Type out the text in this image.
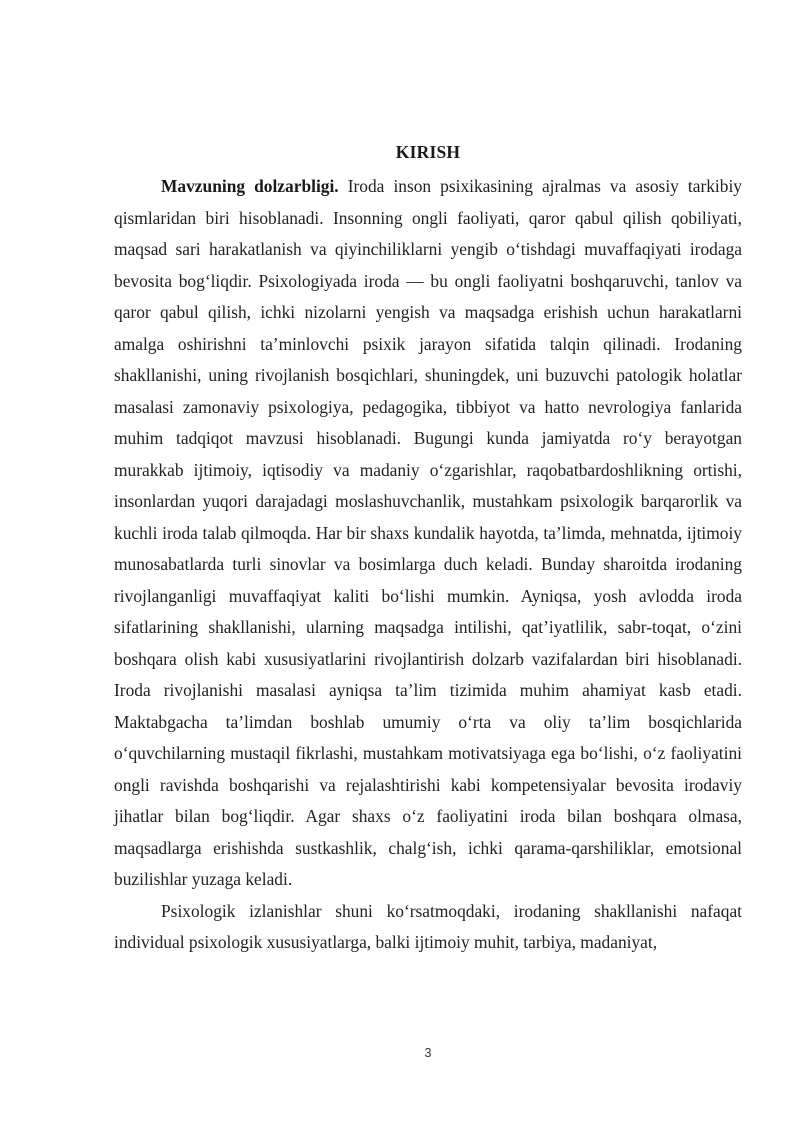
KIRISH

Mavzuning dolzarbligi. Iroda inson psixikasining ajralmas va asosiy tarkibiy qismlaridan biri hisoblanadi. Insonning ongli faoliyati, qaror qabul qilish qobiliyati, maqsad sari harakatlanish va qiyinchiliklarni yengib o‘tishdagi muvaffaqiyati irodaga bevosita bog‘liqdir. Psixologiyada iroda — bu ongli faoliyatni boshqaruvchi, tanlov va qaror qabul qilish, ichki nizolarni yengish va maqsadga erishish uchun harakatlarni amalga oshirishni ta’minlovchi psixik jarayon sifatida talqin qilinadi. Irodaning shakllanishi, uning rivojlanish bosqichlari, shuningdek, uni buzuvchi patologik holatlar masalasi zamonaviy psixologiya, pedagogika, tibbiyot va hatto nevrologiya fanlarida muhim tadqiqot mavzusi hisoblanadi. Bugungi kunda jamiyatda ro‘y berayotgan murakkab ijtimoiy, iqtisodiy va madaniy o‘zgarishlar, raqobatbardoshlikning ortishi, insonlardan yuqori darajadagi moslashuvchanlik, mustahkam psixologik barqarorlik va kuchli iroda talab qilmoqda. Har bir shaxs kundalik hayotda, ta’limda, mehnatda, ijtimoiy munosabatlarda turli sinovlar va bosimlarga duch keladi. Bunday sharoitda irodaning rivojlanganligi muvaffaqiyat kaliti bo‘lishi mumkin. Ayniqsa, yosh avlodda iroda sifatlarining shakllanishi, ularning maqsadga intilishi, qat’iyatlilik, sabr-toqat, o‘zini boshqara olish kabi xususiyatlarini rivojlantirish dolzarb vazifalardan biri hisoblanadi. Iroda rivojlanishi masalasi ayniqsa ta’lim tizimida muhim ahamiyat kasb etadi. Maktabgacha ta’limdan boshlab umumiy o‘rta va oliy ta’lim bosqichlarida o‘quvchilarning mustaqil fikrlashi, mustahkam motivatsiyaga ega bo‘lishi, o‘z faoliyatini ongli ravishda boshqarishi va rejalashtirishi kabi kompetensiyalar bevosita irodaviy jihatlar bilan bog‘liqdir. Agar shaxs o‘z faoliyatini iroda bilan boshqara olmasa, maqsadlarga erishishda sustkashlik, chalg‘ish, ichki qarama-qarshiliklar, emotsional buzilishlar yuzaga keladi.

Psixologik izlanishlar shuni ko‘rsatmoqdaki, irodaning shakllanishi nafaqat individual psixologik xususiyatlarga, balki ijtimoiy muhit, tarbiya, madaniyat,

3
